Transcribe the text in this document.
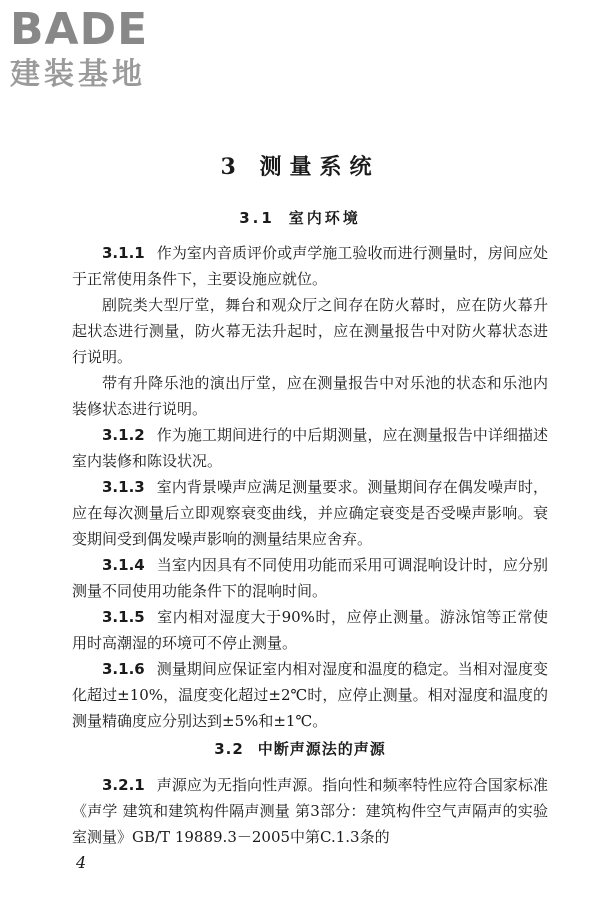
BADE
建装基地
3 测量系统
3.1 室内环境

3.1.1 作为室内音质评价或声学施工验收而进行测量时，房间应处于正常使用条件下，主要设施应就位。

剧院类大型厅堂，舞台和观众厅之间存在防火幕时，应在防火幕升起状态进行测量，防火幕无法升起时，应在测量报告中对防火幕状态进行说明。

带有升降乐池的演出厅堂，应在测量报告中对乐池的状态和乐池内装修状态进行说明。

3.1.2 作为施工期间进行的中后期测量，应在测量报告中详细描述室内装修和陈设状况。

3.1.3 室内背景噪声应满足测量要求。测量期间存在偶发噪声时，应在每次测量后立即观察衰变曲线，并应确定衰变是否受噪声影响。衰变期间受到偶发噪声影响的测量结果应舍弃。

3.1.4 当室内因具有不同使用功能而采用可调混响设计时，应分别测量不同使用功能条件下的混响时间。

3.1.5 室内相对湿度大于90%时，应停止测量。游泳馆等正常使用时高潮湿的环境可不停止测量。

3.1.6 测量期间应保证室内相对湿度和温度的稳定。当相对湿度变化超过±10%，温度变化超过±2℃时，应停止测量。相对湿度和温度的测量精确度应分别达到±5%和±1℃。

3.2 中断声源法的声源

3.2.1 声源应为无指向性声源。指向性和频率特性应符合国家标准《声学 建筑和建筑构件隔声测量 第3部分：建筑构件空气声隔声的实验室测量》GB/T 19889.3－2005中第C.1.3条的

4
